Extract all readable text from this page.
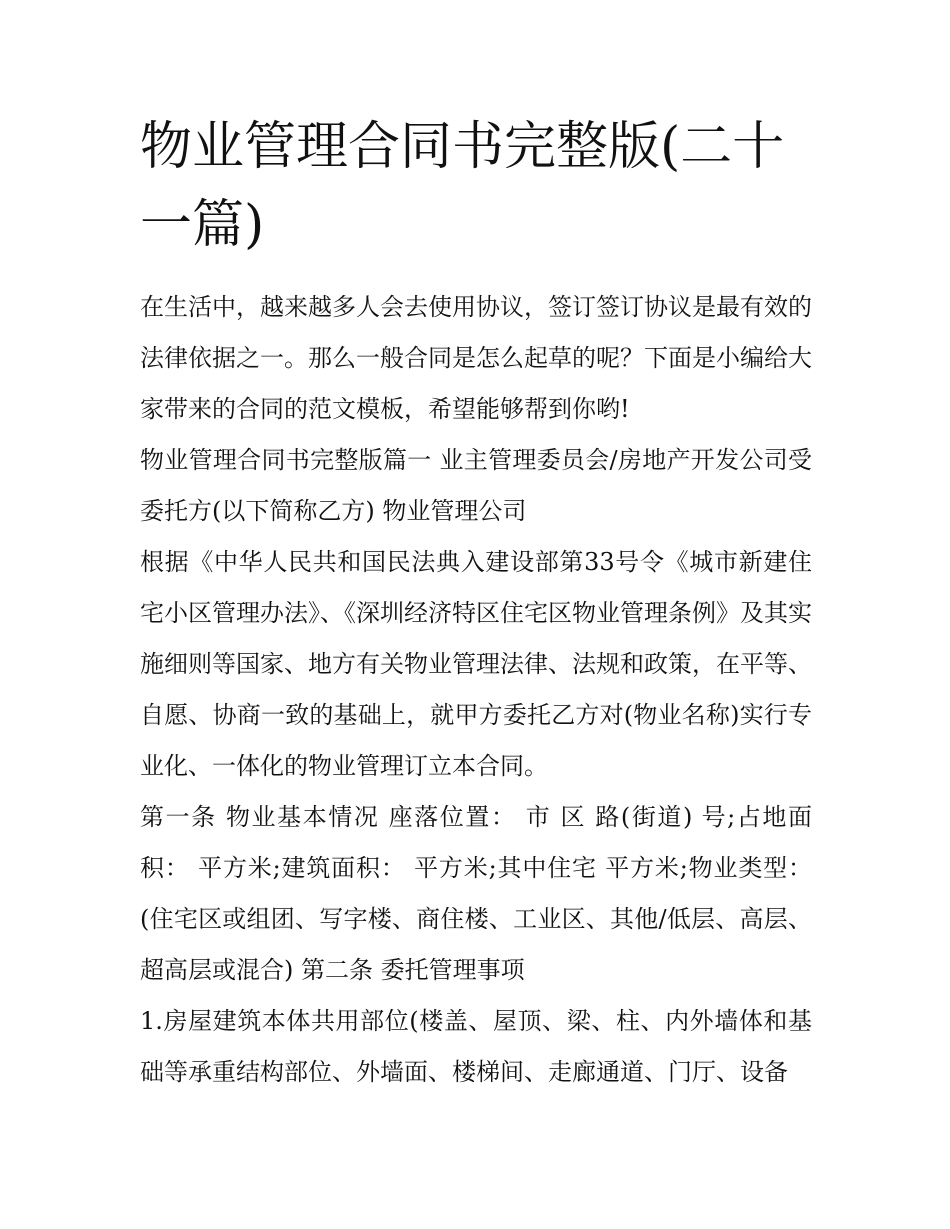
物业管理合同书完整版(二十一篇)

在生活中，越来越多人会去使用协议，签订签订协议是最有效的法律依据之一。那么一般合同是怎么起草的呢？下面是小编给大家带来的合同的范文模板，希望能够帮到你哟!

物业管理合同书完整版篇一 业主管理委员会/房地产开发公司受委托方(以下简称乙方) 物业管理公司

根据《中华人民共和国民法典入建设部第33号令《城市新建住宅小区管理办法》、《深圳经济特区住宅区物业管理条例》及其实施细则等国家、地方有关物业管理法律、法规和政策，在平等、自愿、协商一致的基础上，就甲方委托乙方对(物业名称)实行专业化、一体化的物业管理订立本合同。

第一条 物业基本情况 座落位置： 市 区 路(街道) 号;占地面积： 平方米;建筑面积： 平方米;其中住宅 平方米;物业类型：(住宅区或组团、写字楼、商住楼、工业区、其他/低层、高层、超高层或混合) 第二条 委托管理事项

1.房屋建筑本体共用部位(楼盖、屋顶、梁、柱、内外墙体和基础等承重结构部位、外墙面、楼梯间、走廊通道、门厅、设备
